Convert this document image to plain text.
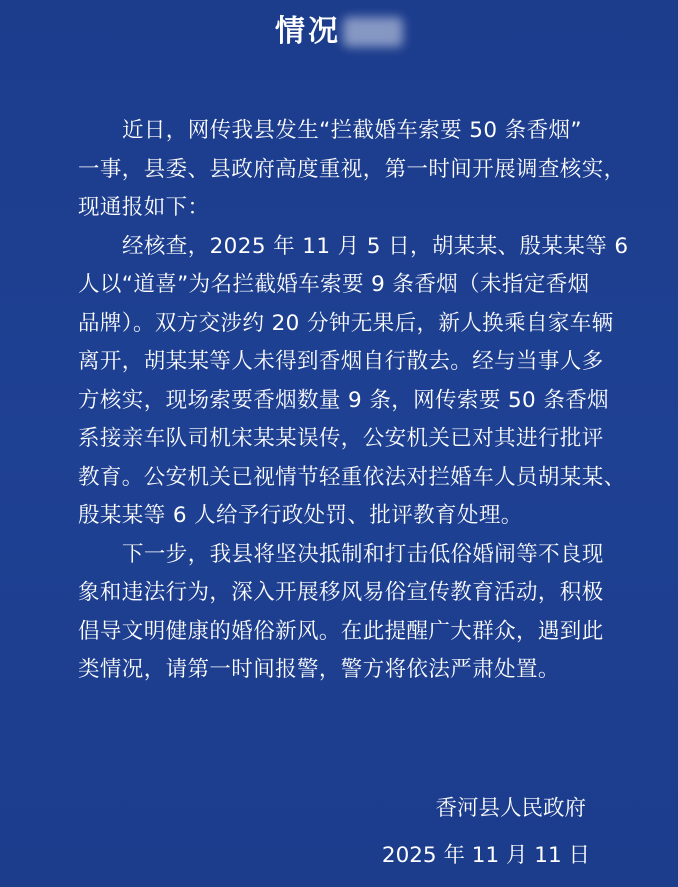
情况
近日，网传我县发生“拦截婚车索要 50 条香烟”
一事，县委、县政府高度重视，第一时间开展调查核实，
现通报如下：
经核查，2025 年 11 月 5 日，胡某某、殷某某等 6
人以“道喜”为名拦截婚车索要 9 条香烟（未指定香烟
品牌）。双方交涉约 20 分钟无果后，新人换乘自家车辆
离开，胡某某等人未得到香烟自行散去。经与当事人多
方核实，现场索要香烟数量 9 条，网传索要 50 条香烟
系接亲车队司机宋某某误传，公安机关已对其进行批评
教育。公安机关已视情节轻重依法对拦婚车人员胡某某、
殷某某等 6 人给予行政处罚、批评教育处理。
下一步，我县将坚决抵制和打击低俗婚闹等不良现
象和违法行为，深入开展移风易俗宣传教育活动，积极
倡导文明健康的婚俗新风。在此提醒广大群众，遇到此
类情况，请第一时间报警，警方将依法严肃处置。
香河县人民政府
2025 年 11 月 11 日
